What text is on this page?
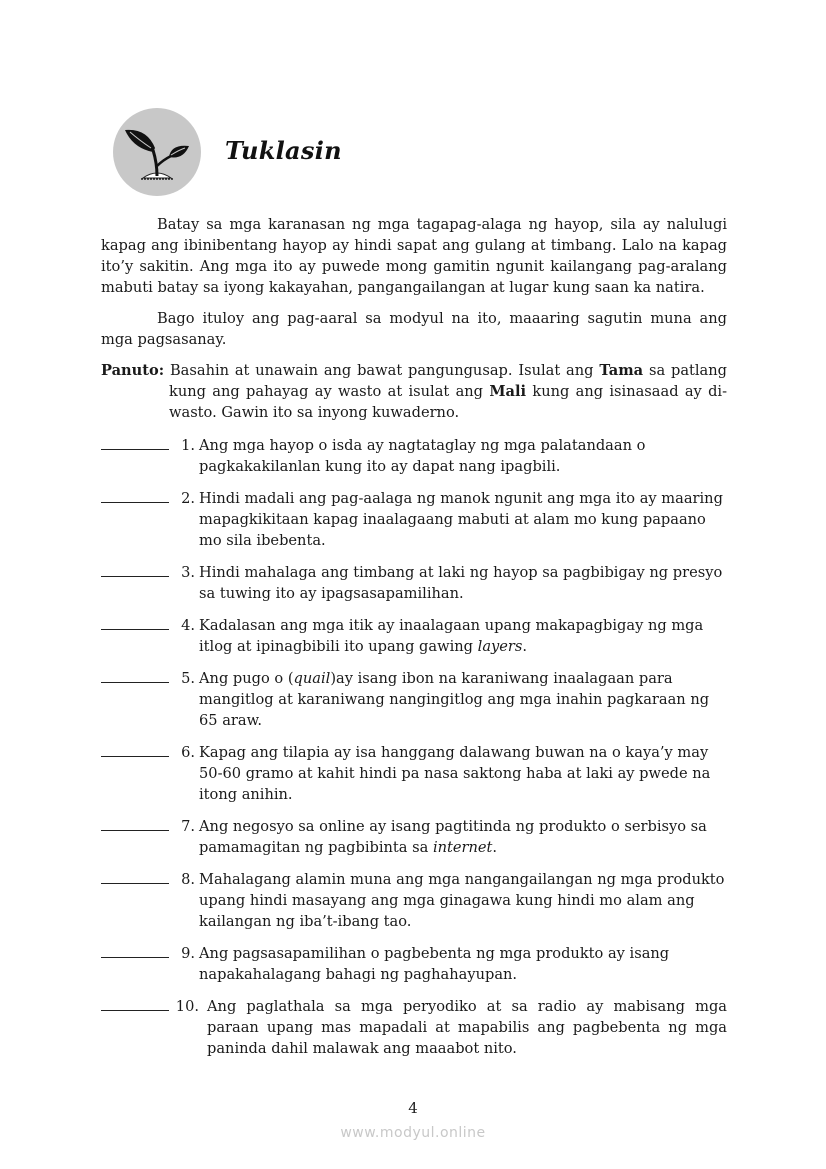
Tuklasin

Batay sa mga karanasan ng mga tagapag-alaga ng hayop, sila ay nalulugi kapag ang ibinibentang hayop ay hindi sapat ang gulang at timbang. Lalo na kapag ito’y sakitin. Ang mga ito ay puwede mong gamitin ngunit kailangang pag-aralang mabuti batay sa iyong kakayahan, pangangailangan at lugar kung saan ka natira.

Bago ituloy ang pag-aaral sa modyul na ito, maaaring sagutin muna ang mga pagsasanay.

Panuto: Basahin at unawain ang bawat pangungusap. Isulat ang Tama sa patlang kung ang pahayag ay wasto at isulat ang Mali kung ang isinasaad ay di-wasto. Gawin ito sa inyong kuwaderno.

1. Ang mga hayop o isda ay nagtataglay ng mga palatandaan o pagkakakilanlan kung ito ay dapat nang ipagbili.
2. Hindi madali ang pag-aalaga ng manok ngunit ang mga ito ay maaring mapagkikitaan kapag inaalagaang mabuti at alam mo kung papaano mo sila ibebenta.
3. Hindi mahalaga ang timbang at laki ng hayop sa pagbibigay ng presyo sa tuwing ito ay ipagsasapamilihan.
4. Kadalasan ang mga itik ay inaalagaan upang makapagbigay ng mga itlog at ipinagbibili ito upang gawing layers.
5. Ang pugo o (quail)ay isang ibon na karaniwang inaalagaan para mangitlog at karaniwang nangingitlog ang mga inahin pagkaraan ng 65 araw.
6. Kapag ang tilapia ay isa hanggang dalawang buwan na o kaya’y may 50-60 gramo at kahit hindi pa nasa saktong haba at laki ay pwede na itong anihin.
7. Ang negosyo sa online ay isang pagtitinda ng produkto o serbisyo sa pamamagitan ng pagbibinta sa internet.
8. Mahalagang alamin muna ang mga nangangailangan ng mga produkto upang hindi masayang ang mga ginagawa kung hindi mo alam ang kailangan ng iba’t-ibang tao.
9. Ang pagsasapamilihan o pagbebenta ng mga produkto ay isang napakahalagang bahagi ng paghahayupan.
10. Ang paglathala sa mga peryodiko at sa radio ay mabisang mga paraan upang mas mapadali at mapabilis ang pagbebenta ng mga paninda dahil malawak ang maaabot nito.
4
www.modyul.online
